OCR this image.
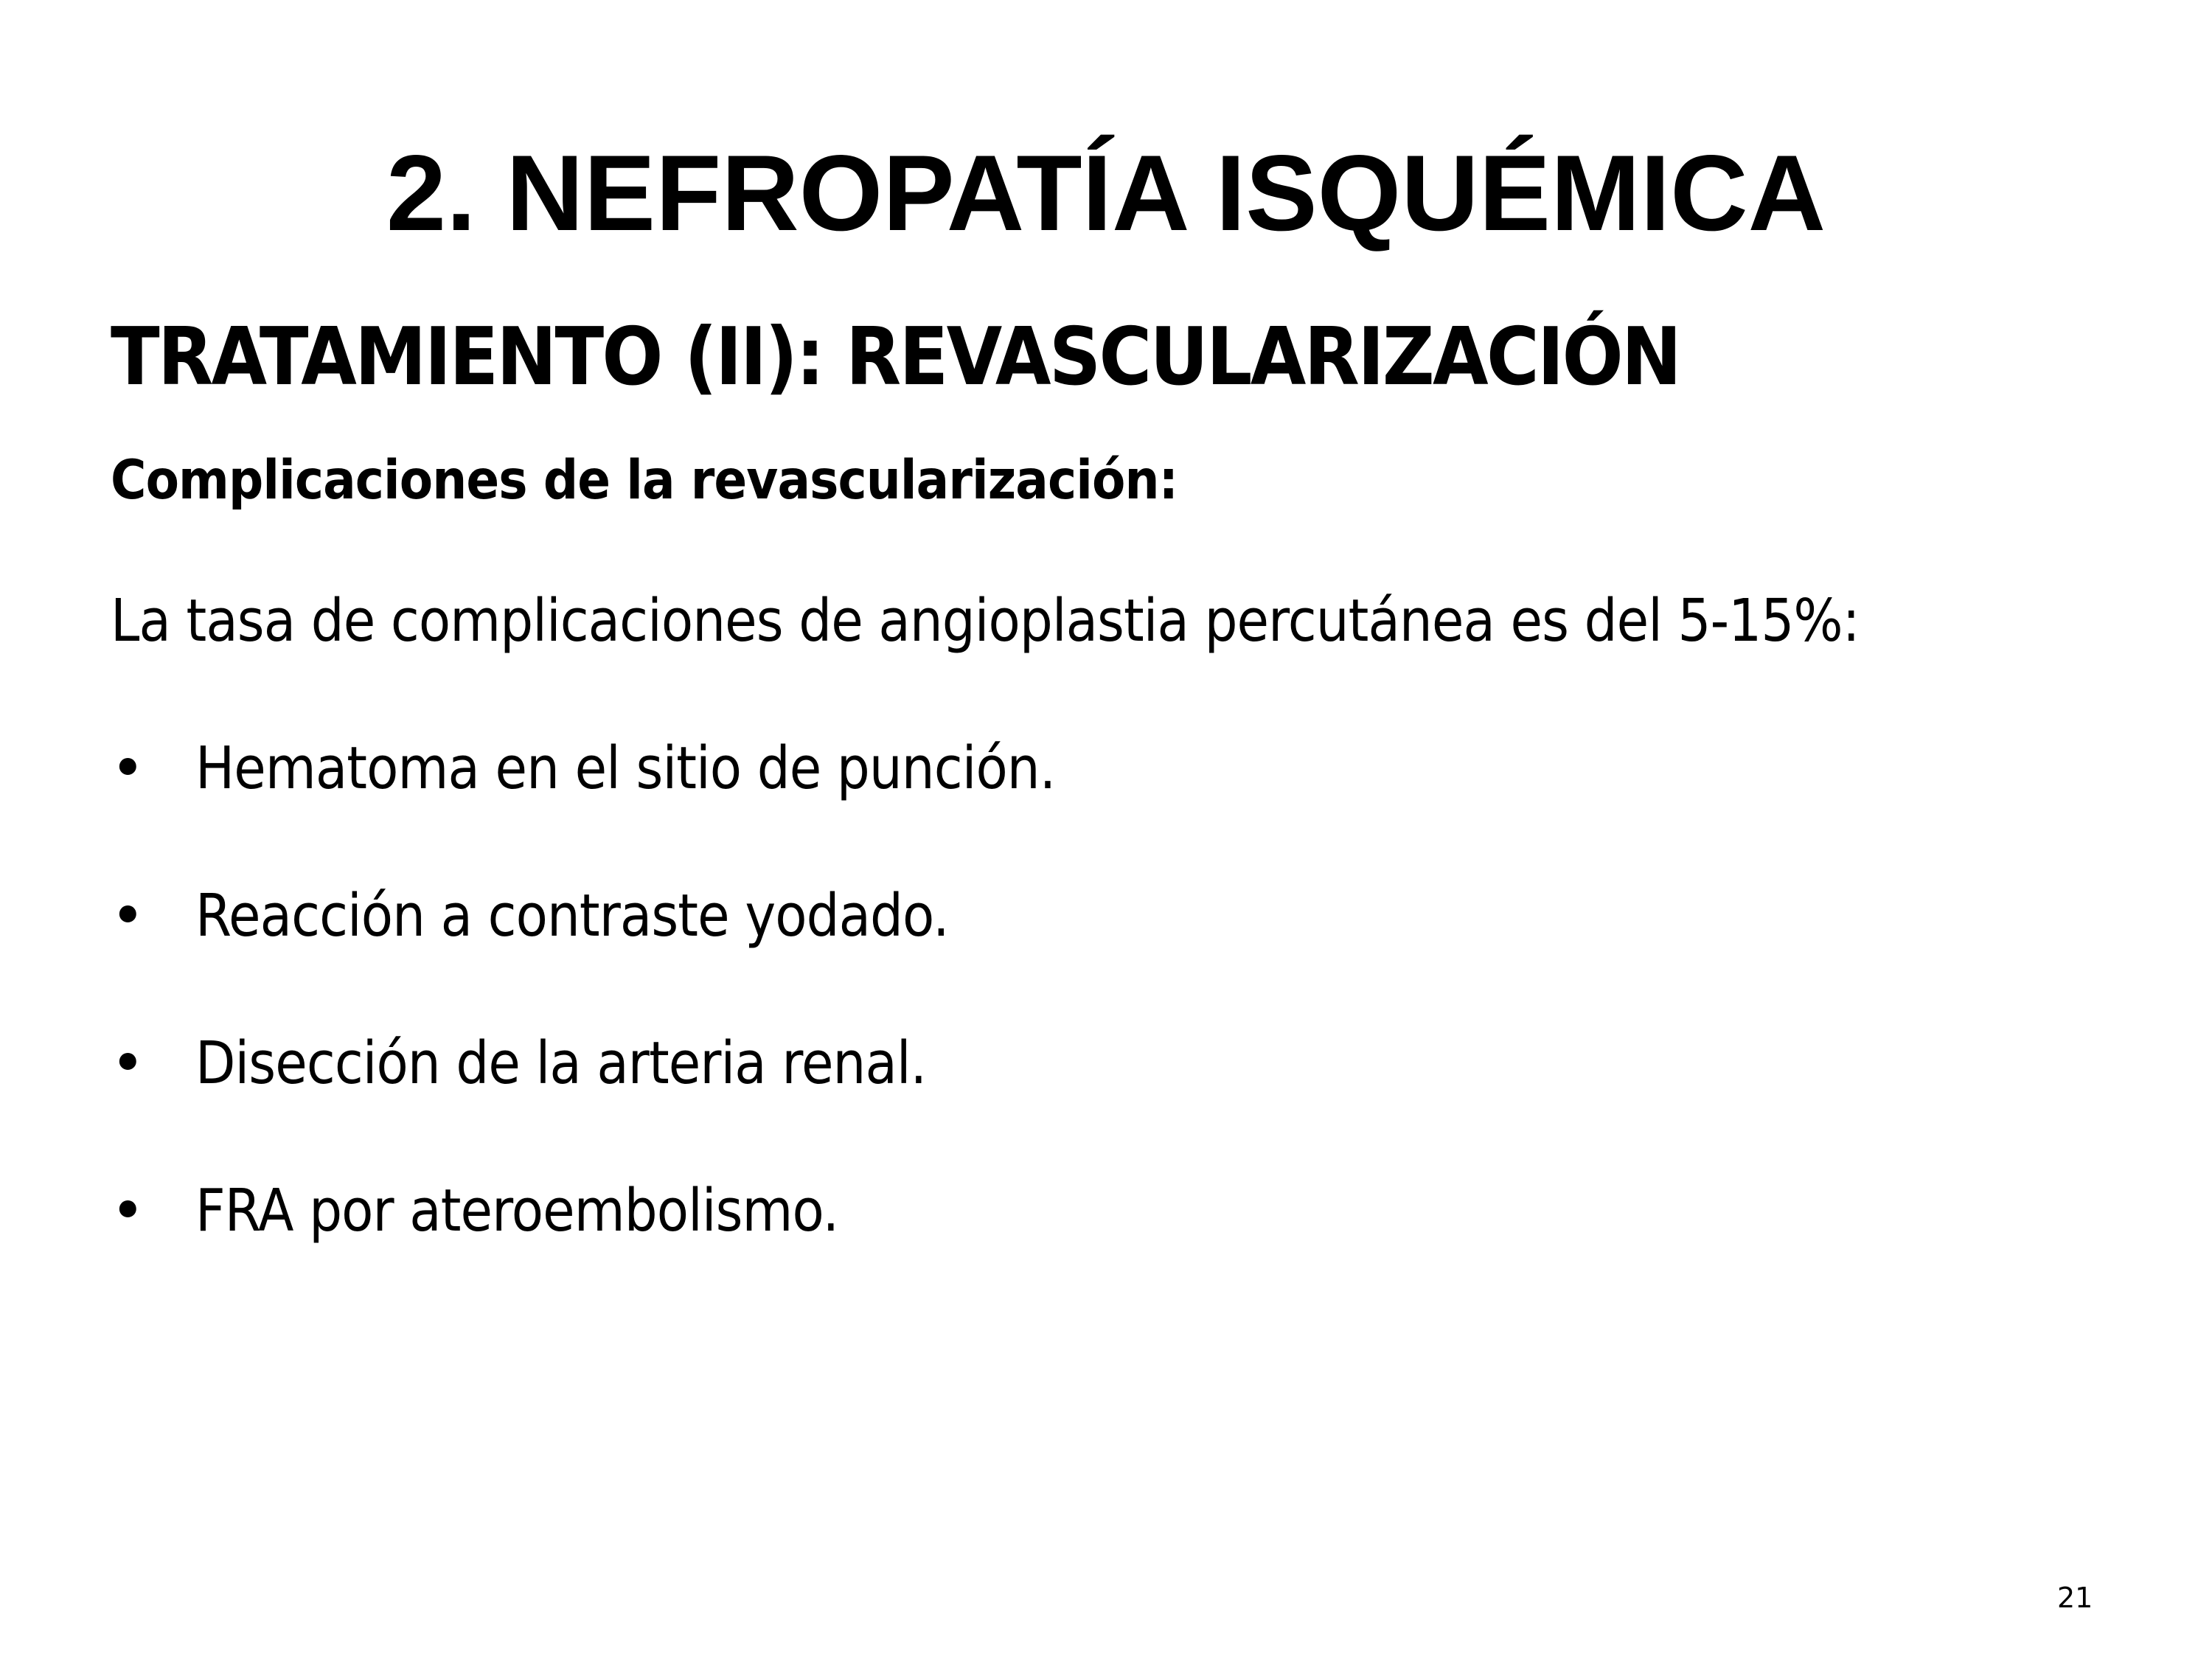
2. NEFROPATÍA ISQUÉMICA
TRATAMIENTO (II): REVASCULARIZACIÓN
Complicaciones de la revascularización:
La tasa de complicaciones de angioplastia percutánea es del 5-15%:
• Hematoma en el sitio de punción.
• Reacción a contraste yodado.
• Disección de la arteria renal.
• FRA por ateroembolismo.
21
